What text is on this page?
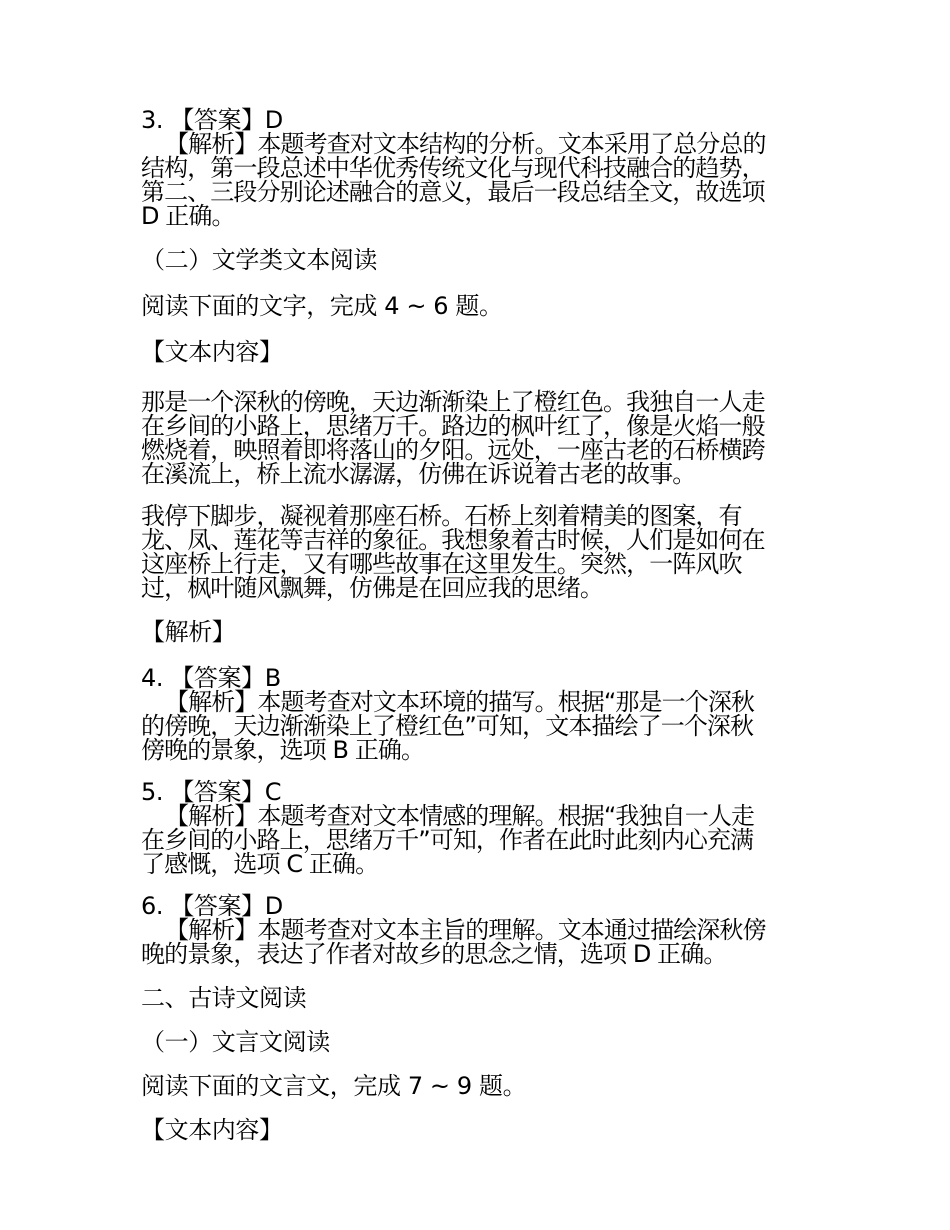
3. 【答案】D
【解析】本题考查对文本结构的分析。文本采用了总分总的
结构，第一段总述中华优秀传统文化与现代科技融合的趋势，
第二、三段分别论述融合的意义，最后一段总结全文，故选项
D 正确。
（二）文学类文本阅读
阅读下面的文字，完成 4 ~ 6 题。
【文本内容】
那是一个深秋的傍晚，天边渐渐染上了橙红色。我独自一人走
在乡间的小路上，思绪万千。路边的枫叶红了，像是火焰一般
燃烧着，映照着即将落山的夕阳。远处，一座古老的石桥横跨
在溪流上，桥上流水潺潺，仿佛在诉说着古老的故事。
我停下脚步，凝视着那座石桥。石桥上刻着精美的图案，有
龙、凤、莲花等吉祥的象征。我想象着古时候，人们是如何在
这座桥上行走，又有哪些故事在这里发生。突然，一阵风吹
过，枫叶随风飘舞，仿佛是在回应我的思绪。
【解析】
4. 【答案】B
【解析】本题考查对文本环境的描写。根据“那是一个深秋
的傍晚，天边渐渐染上了橙红色”可知，文本描绘了一个深秋
傍晚的景象，选项 B 正确。
5. 【答案】C
【解析】本题考查对文本情感的理解。根据“我独自一人走
在乡间的小路上，思绪万千”可知，作者在此时此刻内心充满
了感慨，选项 C 正确。
6. 【答案】D
【解析】本题考查对文本主旨的理解。文本通过描绘深秋傍
晚的景象，表达了作者对故乡的思念之情，选项 D 正确。
二、古诗文阅读
（一）文言文阅读
阅读下面的文言文，完成 7 ~ 9 题。
【文本内容】
